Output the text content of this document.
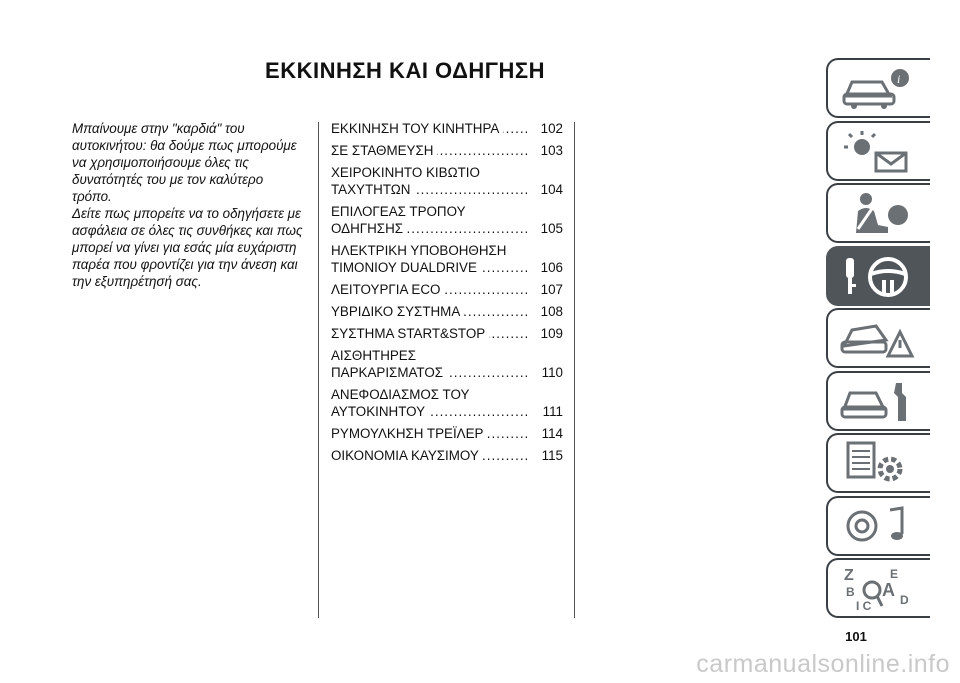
ΕΚΚΙΝΗΣΗ ΚΑΙ ΟΔΗΓΗΣΗ

Μπαίνουμε στην "καρδιά" του αυτοκινήτου: θα δούμε πως μπορούμε να χρησιμοποιήσουμε όλες τις δυνατότητές του με τον καλύτερο τρόπο.

Δείτε πως μπορείτε να το οδηγήσετε με ασφάλεια σε όλες τις συνθήκες και πως μπορεί να γίνει για εσάς μία ευχάριστη παρέα που φροντίζει για την άνεση και την εξυπηρέτησή σας.

ΕΚΚΙΝΗΣΗ ΤΟΥ ΚΙΝΗΤΗΡΑ .....	102
ΣΕ ΣΤΑΘΜΕΥΣΗ .....	103
ΧΕΙΡΟΚΙΝΗΤΟ ΚΙΒΩΤΙΟ
ΤΑΧΥΤΗΤΩΝ .....	104
ΕΠΙΛΟΓΕΑΣ ΤΡΟΠΟΥ
ΟΔΗΓΗΣΗΣ .....	105
ΗΛΕΚΤΡΙΚΗ ΥΠΟΒΟΗΘΗΣΗ
ΤΙΜΟΝΙΟΥ DUALDRIVE .....	106
ΛΕΙΤΟΥΡΓΙΑ ECO .....	107
ΥΒΡΙΔΙΚΟ ΣΥΣΤΗΜΑ .....	108
ΣΥΣΤΗΜΑ START&STOP .....	109
ΑΙΣΘΗΤΗΡΕΣ
ΠΑΡΚΑΡΙΣΜΑΤΟΣ .....	110
ΑΝΕΦΟΔΙΑΣΜΟΣ ΤΟΥ
ΑΥΤΟΚΙΝΗΤΟΥ .....	111
ΡΥΜΟΥΛΚΗΣΗ ΤΡΕΪΛΕΡ .....	114
ΟΙΚΟΝΟΜΙΑ ΚΑΥΣΙΜΟΥ .....	115
i
Z	E
B A D
I C
101
carmanualsonline.info
